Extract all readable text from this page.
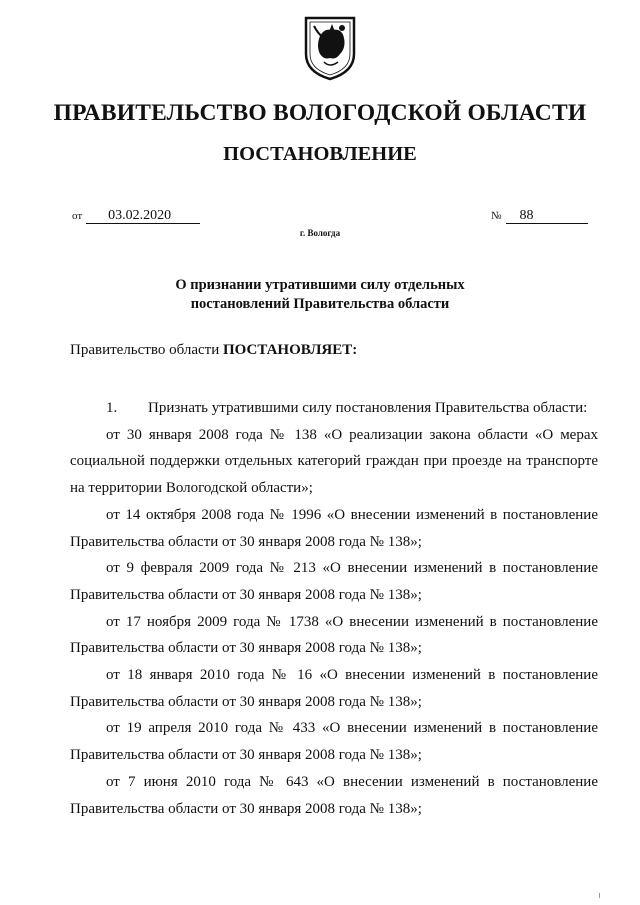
ПРАВИТЕЛЬСТВО ВОЛОГОДСКОЙ ОБЛАСТИ
ПОСТАНОВЛЕНИЕ
от 03.02.2020	№ 88
г. Вологда
О признании утратившими силу отдельных
постановлений Правительства области
Правительство области ПОСТАНОВЛЯЕТ:

1. Признать утратившими силу постановления Правительства области:

от 30 января 2008 года № 138 «О реализации закона области «О мерах социальной поддержки отдельных категорий граждан при проезде на транспорте на территории Вологодской области»;

от 14 октября 2008 года № 1996 «О внесении изменений в постановление Правительства области от 30 января 2008 года № 138»;

от 9 февраля 2009 года № 213 «О внесении изменений в постановление Правительства области от 30 января 2008 года № 138»;

от 17 ноября 2009 года № 1738 «О внесении изменений в постановление Правительства области от 30 января 2008 года № 138»;

от 18 января 2010 года № 16 «О внесении изменений в постановление Правительства области от 30 января 2008 года № 138»;

от 19 апреля 2010 года № 433 «О внесении изменений в постановление Правительства области от 30 января 2008 года № 138»;

от 7 июня 2010 года № 643 «О внесении изменений в постановление Правительства области от 30 января 2008 года № 138»;
